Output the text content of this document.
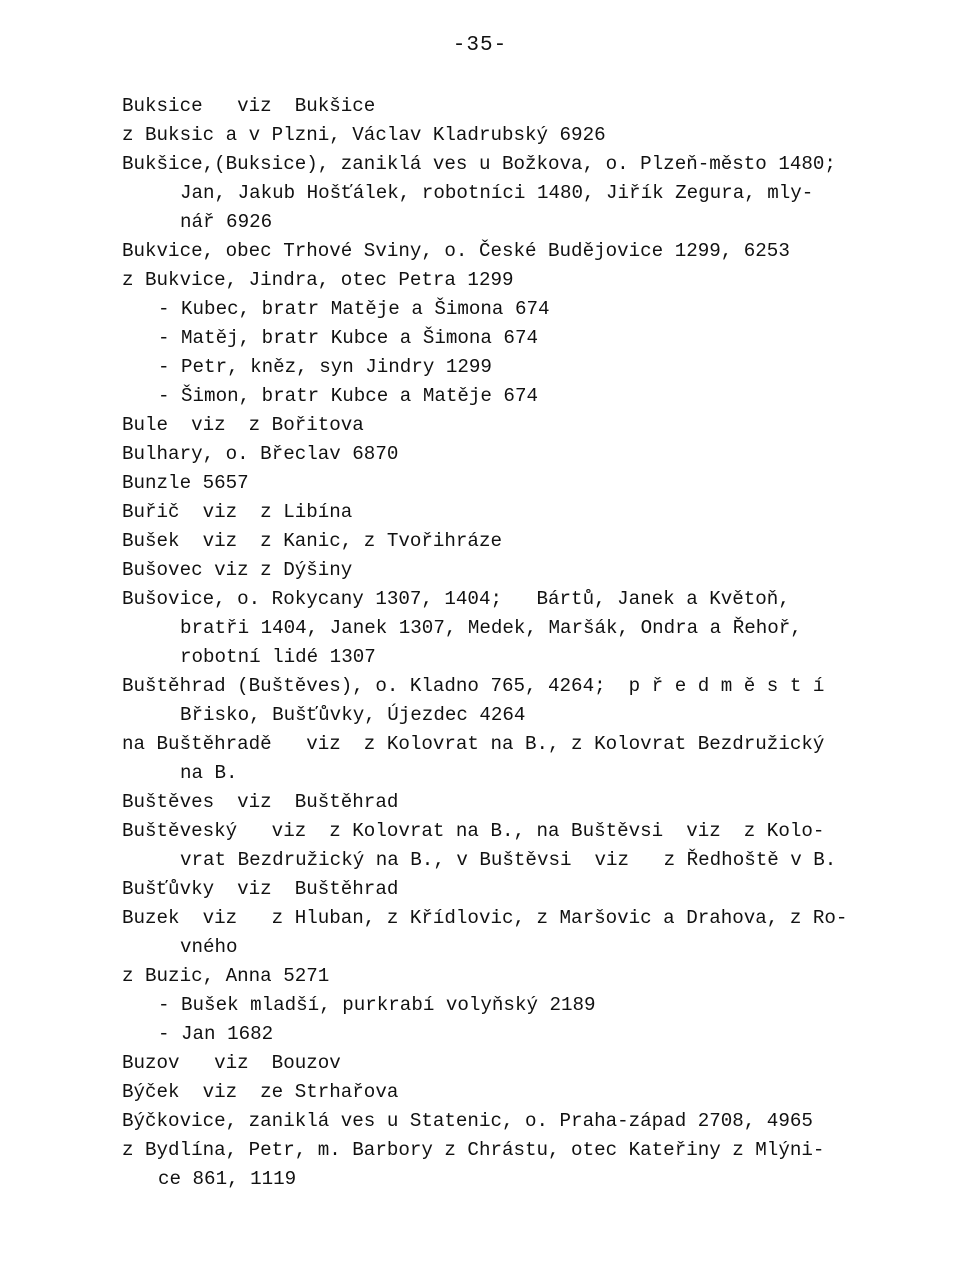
-35-
Buksice   viz  Bukšice
z Buksic a v Plzni, Václav Kladrubský 6926
Bukšice,(Buksice), zaniklá ves u Božkova, o. Plzeň-město 1480;
Jan, Jakub Hošťálek, robotníci 1480, Jiřík Zegura, mly-
nář 6926
Bukvice, obec Trhové Sviny, o. České Budějovice 1299, 6253
z Bukvice, Jindra, otec Petra 1299
- Kubec, bratr Matěje a Šimona 674
- Matěj, bratr Kubce a Šimona 674
- Petr, kněz, syn Jindry 1299
- Šimon, bratr Kubce a Matěje 674
Bule  viz  z Bořitova
Bulhary, o. Břeclav 6870
Bunzle 5657
Buřič  viz  z Libína
Bušek  viz  z Kanic, z Tvořihráze
Bušovec viz z Dýšiny
Bušovice, o. Rokycany 1307, 1404;   Bártů, Janek a Květoň,
bratři 1404, Janek 1307, Medek, Maršák, Ondra a Řehoř,
robotní lidé 1307
Buštěhrad (Buštěves), o. Kladno 765, 4264;  p ř e d m ě s t í
Břisko, Bušťůvky, Újezdec 4264
na Buštěhradě   viz  z Kolovrat na B., z Kolovrat Bezdružický
na B.
Buštěves  viz  Buštěhrad
Buštěveský   viz  z Kolovrat na B., na Buštěvsi  viz  z Kolo-
vrat Bezdružický na B., v Buštěvsi  viz   z Ředhoště v B.
Bušťůvky  viz  Buštěhrad
Buzek  viz   z Hluban, z Křídlovic, z Maršovic a Drahova, z Ro-
vného
z Buzic, Anna 5271
- Bušek mladší, purkrabí volyňský 2189
- Jan 1682
Buzov   viz  Bouzov
Býček  viz  ze Strhařova
Býčkovice, zaniklá ves u Statenic, o. Praha-západ 2708, 4965
z Bydlína, Petr, m. Barbory z Chrástu, otec Kateřiny z Mlýni-
ce 861, 1119
